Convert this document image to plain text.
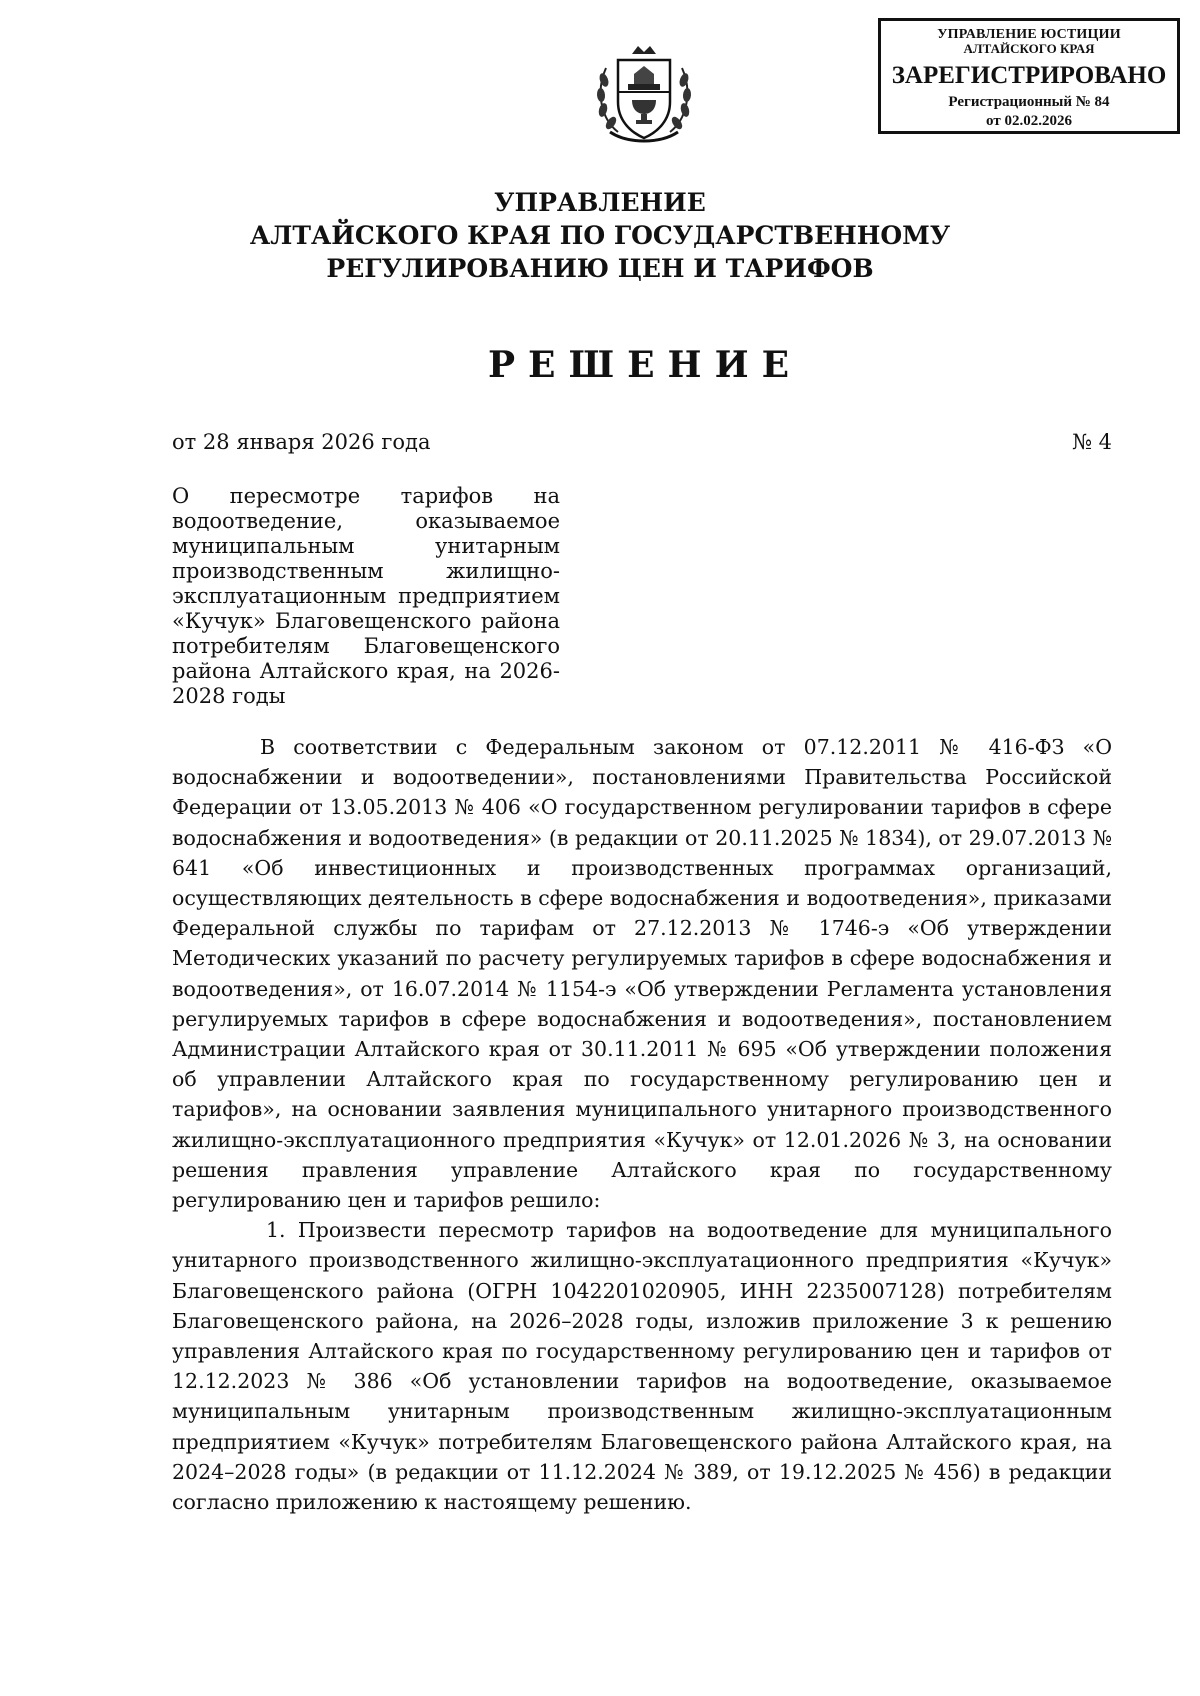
УПРАВЛЕНИЕ ЮСТИЦИИ
АЛТАЙСКОГО КРАЯ
ЗАРЕГИСТРИРОВАНО
Регистрационный № 84
от 02.02.2026
УПРАВЛЕНИЕ
АЛТАЙСКОГО КРАЯ ПО ГОСУДАРСТВЕННОМУ
РЕГУЛИРОВАНИЮ ЦЕН И ТАРИФОВ
РЕШЕНИЕ
от 28 января 2026 года	№ 4
О пересмотре тарифов на водоотведение, оказываемое муниципальным унитарным производственным жилищно-эксплуатационным предприятием «Кучук» Благовещенского района потребителям Благовещенского района Алтайского края, на 2026-2028 годы

В соответствии с Федеральным законом от 07.12.2011 № 416-ФЗ «О водоснабжении и водоотведении», постановлениями Правительства Российской Федерации от 13.05.2013 № 406 «О государственном регулировании тарифов в сфере водоснабжения и водоотведения» (в редакции от 20.11.2025 № 1834), от 29.07.2013 № 641 «Об инвестиционных и производственных программах организаций, осуществляющих деятельность в сфере водоснабжения и водоотведения», приказами Федеральной службы по тарифам от 27.12.2013 № 1746-э «Об утверждении Методических указаний по расчету регулируемых тарифов в сфере водоснабжения и водоотведения», от 16.07.2014 № 1154-э «Об утверждении Регламента установления регулируемых тарифов в сфере водоснабжения и водоотведения», постановлением Администрации Алтайского края от 30.11.2011 № 695 «Об утверждении положения об управлении Алтайского края по государственному регулированию цен и тарифов», на основании заявления муниципального унитарного производственного жилищно-эксплуатационного предприятия «Кучук» от 12.01.2026 № 3, на основании решения правления управление Алтайского края по государственному регулированию цен и тарифов решило:

1. Произвести пересмотр тарифов на водоотведение для муниципального унитарного производственного жилищно-эксплуатационного предприятия «Кучук» Благовещенского района (ОГРН 1042201020905, ИНН 2235007128) потребителям Благовещенского района, на 2026–2028 годы, изложив приложение 3 к решению управления Алтайского края по государственному регулированию цен и тарифов от 12.12.2023 № 386 «Об установлении тарифов на водоотведение, оказываемое муниципальным унитарным производственным жилищно-эксплуатационным предприятием «Кучук» потребителям Благовещенского района Алтайского края, на 2024–2028 годы» (в редакции от 11.12.2024 № 389, от 19.12.2025 № 456) в редакции согласно приложению к настоящему решению.
